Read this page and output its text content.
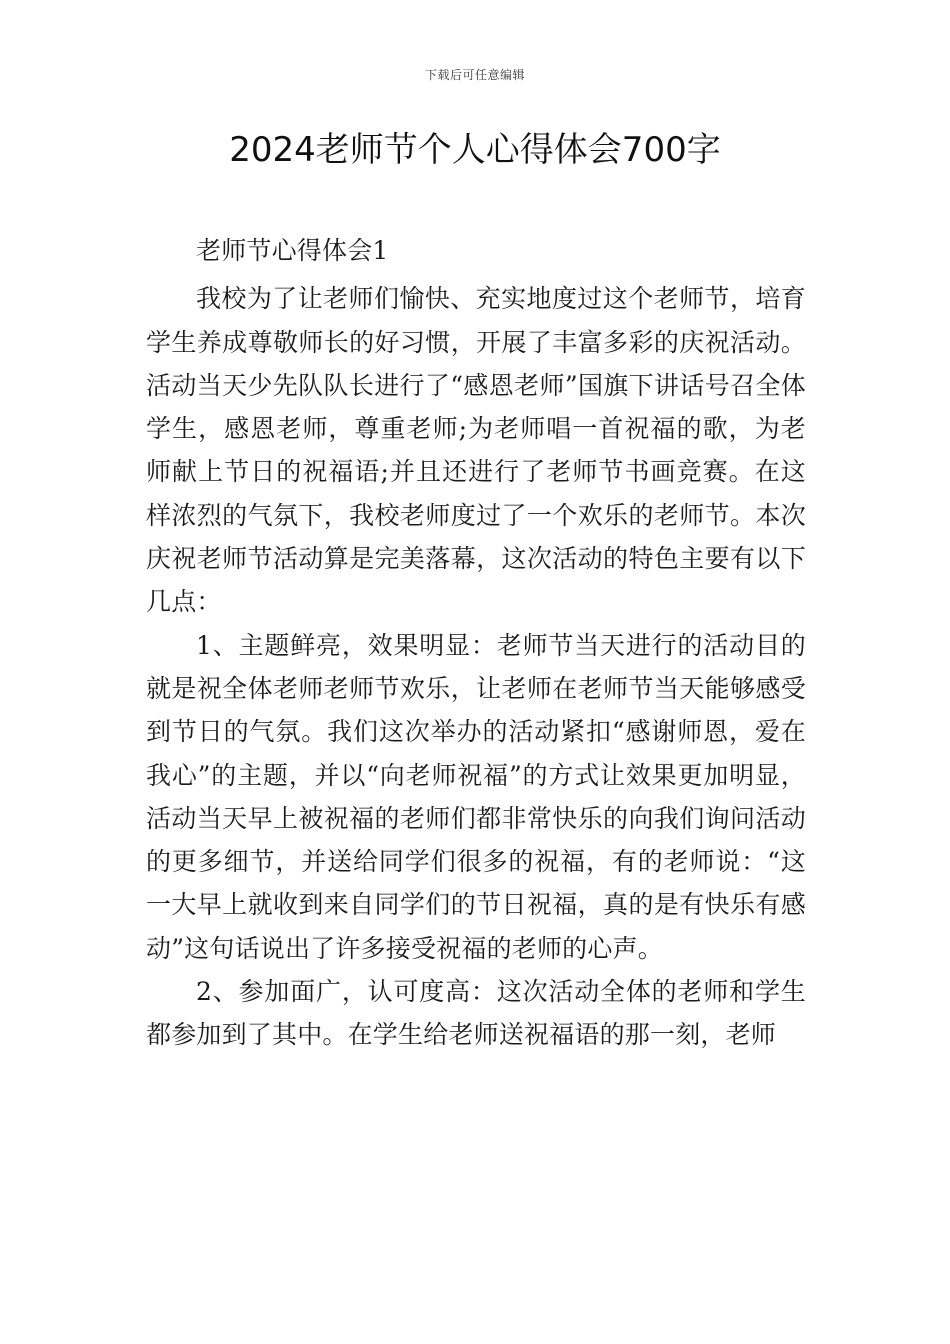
下载后可任意编辑
2024老师节个人心得体会700字

老师节心得体会1

我校为了让老师们愉快、充实地度过这个老师节，培育学生养成尊敬师长的好习惯，开展了丰富多彩的庆祝活动。活动当天少先队队长进行了“感恩老师”国旗下讲话号召全体学生，感恩老师，尊重老师;为老师唱一首祝福的歌，为老师献上节日的祝福语;并且还进行了老师节书画竞赛。在这样浓烈的气氛下，我校老师度过了一个欢乐的老师节。本次庆祝老师节活动算是完美落幕，这次活动的特色主要有以下几点：

1、主题鲜亮，效果明显：老师节当天进行的活动目的就是祝全体老师老师节欢乐，让老师在老师节当天能够感受到节日的气氛。我们这次举办的活动紧扣“感谢师恩，爱在我心”的主题，并以“向老师祝福”的方式让效果更加明显，活动当天早上被祝福的老师们都非常快乐的向我们询问活动的更多细节，并送给同学们很多的祝福，有的老师说：“这一大早上就收到来自同学们的节日祝福，真的是有快乐有感动”这句话说出了许多接受祝福的老师的心声。

2、参加面广，认可度高：这次活动全体的老师和学生都参加到了其中。在学生给老师送祝福语的那一刻，老师
